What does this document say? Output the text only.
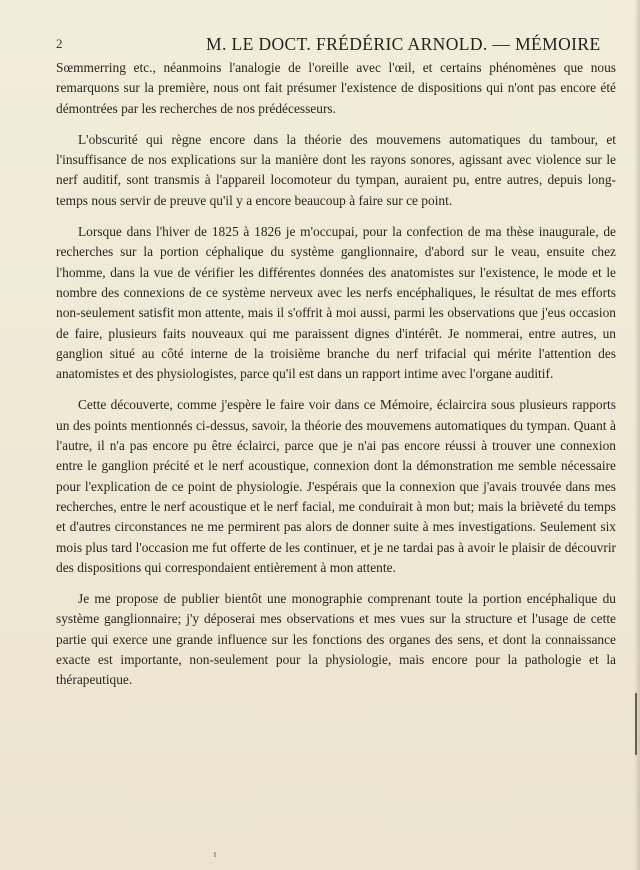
2	M. LE DOCT. FRÉDÉRIC ARNOLD. — MÉMOIRE

Sœmmerring etc., néanmoins l'analogie de l'oreille avec l'œil, et certains phénomènes que nous remarquons sur la première, nous ont fait présumer l'existence de dispositions qui n'ont pas encore été démontrées par les recherches de nos prédécesseurs.

L'obscurité qui règne encore dans la théorie des mouvemens automatiques du tambour, et l'insuffisance de nos explications sur la manière dont les rayons sonores, agissant avec violence sur le nerf auditif, sont transmis à l'appareil locomoteur du tympan, auraient pu, entre autres, depuis long-temps nous servir de preuve qu'il y a encore beaucoup à faire sur ce point.

Lorsque dans l'hiver de 1825 à 1826 je m'occupai, pour la confection de ma thèse inaugurale, de recherches sur la portion céphalique du système ganglionnaire, d'abord sur le veau, ensuite chez l'homme, dans la vue de vérifier les différentes données des anatomistes sur l'existence, le mode et le nombre des connexions de ce système nerveux avec les nerfs encéphaliques, le résultat de mes efforts non-seulement satisfit mon attente, mais il s'offrit à moi aussi, parmi les observations que j'eus occasion de faire, plusieurs faits nouveaux qui me paraissent dignes d'intérêt. Je nommerai, entre autres, un ganglion situé au côté interne de la troisième branche du nerf trifacial qui mérite l'attention des anatomistes et des physiologistes, parce qu'il est dans un rapport intime avec l'organe auditif.

Cette découverte, comme j'espère le faire voir dans ce Mémoire, éclaircira sous plusieurs rapports un des points mentionnés ci-dessus, savoir, la théorie des mouvemens automatiques du tympan. Quant à l'autre, il n'a pas encore pu être éclairci, parce que je n'ai pas encore réussi à trouver une connexion entre le ganglion précité et le nerf acoustique, connexion dont la démonstration me semble nécessaire pour l'explication de ce point de physiologie. J'espérais que la connexion que j'avais trouvée dans mes recherches, entre le nerf acoustique et le nerf facial, me conduirait à mon but; mais la brièveté du temps et d'autres circonstances ne me permirent pas alors de donner suite à mes investigations. Seulement six mois plus tard l'occasion me fut offerte de les continuer, et je ne tardai pas à avoir le plaisir de découvrir des dispositions qui correspondaient entièrement à mon attente.

Je me propose de publier bientôt une monographie comprenant toute la portion encéphalique du système ganglionnaire; j'y déposerai mes observations et mes vues sur la structure et l'usage de cette partie qui exerce une grande influence sur les fonctions des organes des sens, et dont la connaissance exacte est importante, non-seulement pour la physiologie, mais encore pour la pathologie et la thérapeutique.
